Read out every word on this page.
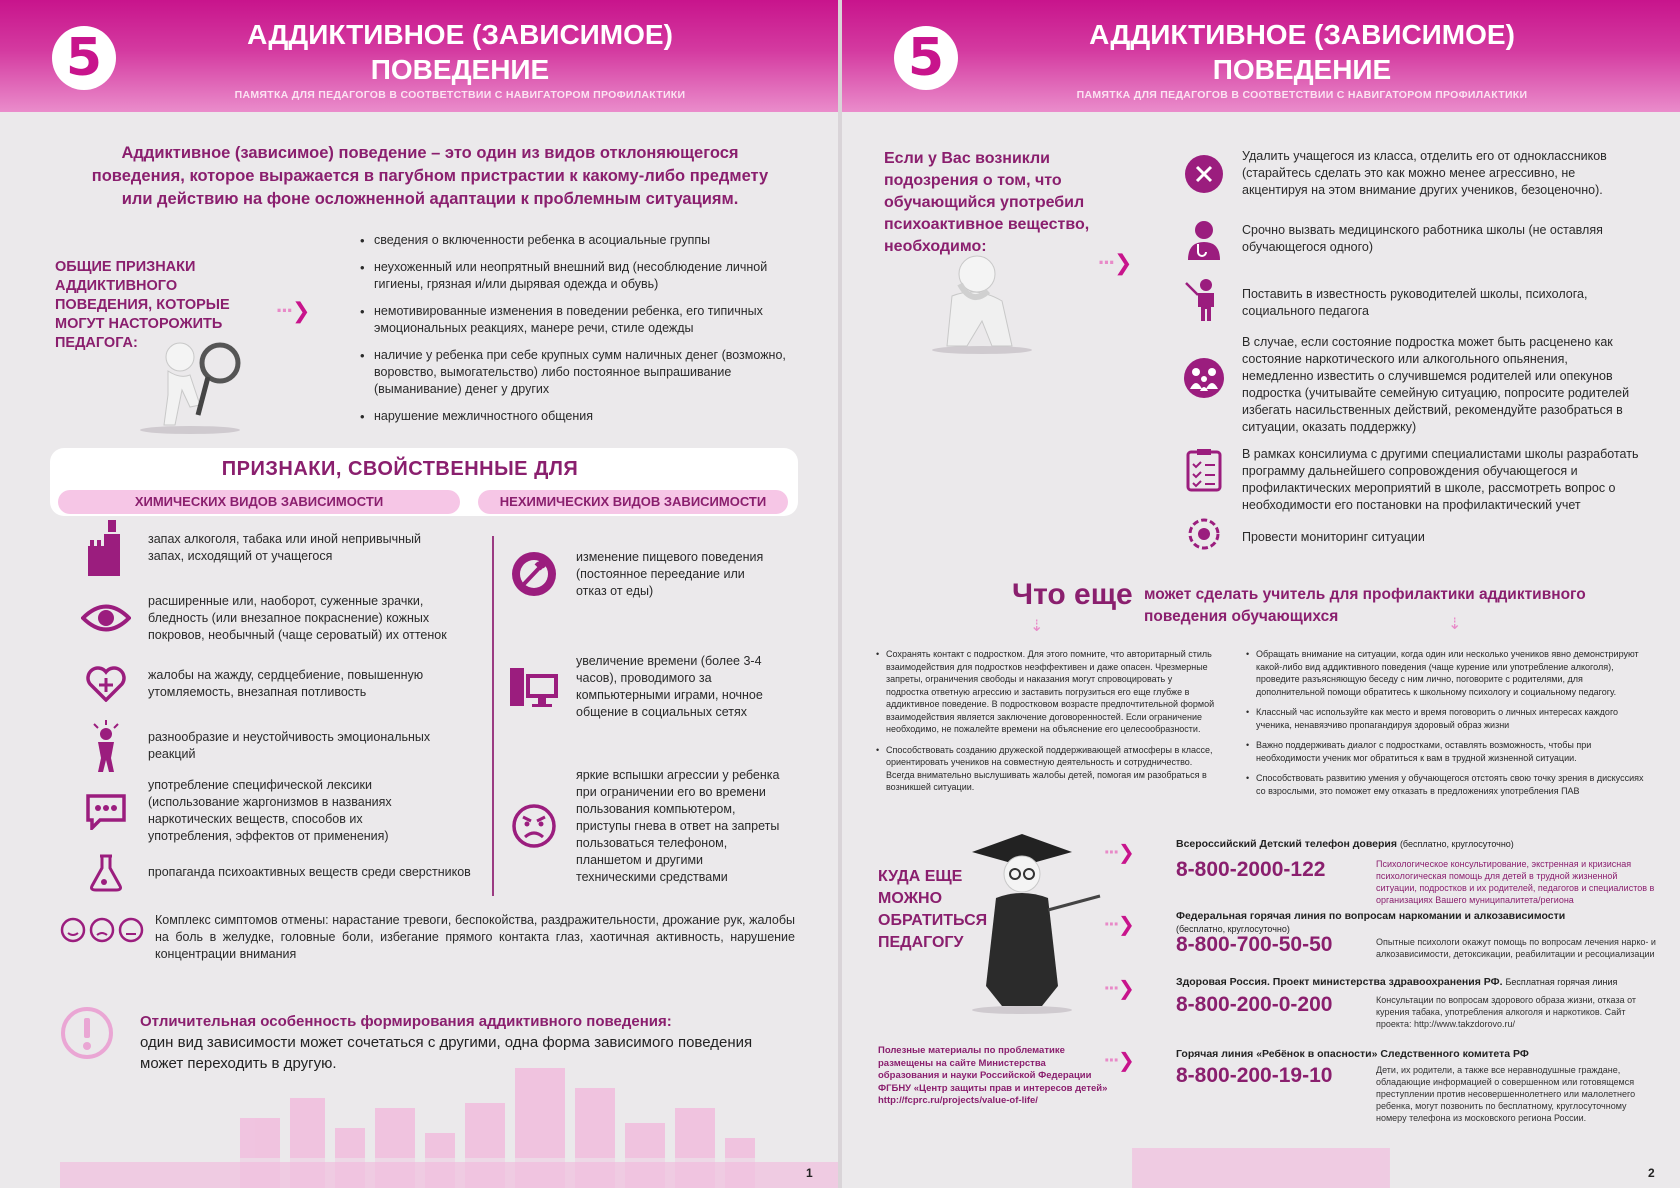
5	АДДИКТИВНОЕ (ЗАВИСИМОЕ)
ПОВЕДЕНИЕ
ПАМЯТКА ДЛЯ ПЕДАГОГОВ В СООТВЕТСТВИИ С НАВИГАТОРОМ ПРОФИЛАКТИКИ
Аддиктивное (зависимое) поведение – это один из видов отклоняющегося поведения, которое выражается в пагубном пристрастии к какому-либо предмету или действию на фоне осложненной адаптации к проблемным ситуациям.
ОБЩИЕ ПРИЗНАКИ АДДИКТИВНОГО ПОВЕДЕНИЯ, КОТОРЫЕ МОГУТ НАСТОРОЖИТЬ ПЕДАГОГА:
···❯
• сведения о включенности ребенка в асоциальные группы
• неухоженный или неопрятный внешний вид (несоблюдение личной гигиены, грязная и/или дырявая одежда и обувь)
• немотивированные изменения в поведении ребенка, его типичных эмоциональных реакциях, манере речи, стиле одежды
• наличие у ребенка при себе крупных сумм наличных денег (возможно, воровство, вымогательство) либо постоянное выпрашивание (выманивание) денег у других
• нарушение межличностного общения
ПРИЗНАКИ, СВОЙСТВЕННЫЕ ДЛЯ
ХИМИЧЕСКИХ ВИДОВ ЗАВИСИМОСТИ	НЕХИМИЧЕСКИХ ВИДОВ ЗАВИСИМОСТИ
запах алкоголя, табака или иной непривычный запах, исходящий от учащегося
расширенные или, наоборот, суженные зрачки, бледность (или внезапное покраснение) кожных покровов, необычный (чаще сероватый) их оттенок
жалобы на жажду, сердцебиение, повышенную утомляемость, внезапная потливость
разнообразие и неустойчивость эмоциональных реакций
употребление специфической лексики (использование жаргонизмов в названиях наркотических веществ, способов их употребления, эффектов от применения)
пропаганда психоактивных веществ среди сверстников
изменение пищевого поведения (постоянное переедание или отказ от еды)
увеличение времени (более 3-4 часов), проводимого за компьютерными играми, ночное общение в социальных сетях
яркие вспышки агрессии у ребенка при ограничении его во времени пользования компьютером, приступы гнева в ответ на запреты пользоваться телефоном, планшетом и другими техническими средствами
Комплекс симптомов отмены: нарастание тревоги, беспокойства, раздражительности, дрожание рук, жалобы на боль в желудке, головные боли, избегание прямого контакта глаз, хаотичная активность, нарушение концентрации внимания
Отличительная особенность формирования аддиктивного поведения:
один вид зависимости может сочетаться с другими, одна форма зависимого поведения может переходить в другую.
1
5	АДДИКТИВНОЕ (ЗАВИСИМОЕ)
ПОВЕДЕНИЕ
ПАМЯТКА ДЛЯ ПЕДАГОГОВ В СООТВЕТСТВИИ С НАВИГАТОРОМ ПРОФИЛАКТИКИ
Если у Вас возникли подозрения о том, что обучающийся употребил психоактивное вещество, необходимо:
···❯
Удалить учащегося из класса, отделить его от одноклассников (старайтесь сделать это как можно менее агрессивно, не акцентируя на этом внимание других учеников, безоценочно).
Срочно вызвать медицинского работника школы (не оставляя обучающегося одного)
Поставить в известность руководителей школы, психолога, социального педагога
В случае, если состояние подростка может быть расценено как состояние наркотического или алкогольного опьянения, немедленно известить о случившемся родителей или опекунов подростка (учитывайте семейную ситуацию, попросите родителей избегать насильственных действий, рекомендуйте разобраться в ситуации, оказать поддержку)
В рамках консилиума с другими специалистами школы разработать программу дальнейшего сопровождения обучающегося и профилактических мероприятий в школе, рассмотреть вопрос о необходимости его постановки на профилактический учет
Провести мониторинг ситуации
Что еще может сделать учитель для профилактики аддиктивного поведения обучающихся
⇣	⇣
• Сохранять контакт с подростком. Для этого помните, что авторитарный стиль взаимодействия для подростков неэффективен и даже опасен. Чрезмерные запреты, ограничения свободы и наказания могут спровоцировать у подростка ответную агрессию и заставить погрузиться его еще глубже в аддиктивное поведение. В подростковом возрасте предпочтительной формой взаимодействия является заключение договоренностей. Если ограничение необходимо, не пожалейте времени на объяснение его целесообразности.
• Способствовать созданию дружеской поддерживающей атмосферы в классе, ориентировать учеников на совместную деятельность и сотрудничество. Всегда внимательно выслушивать жалобы детей, помогая им разобраться в возникшей ситуации.
• Обращать внимание на ситуации, когда один или несколько учеников явно демонстрируют какой-либо вид аддиктивного поведения (чаще курение или употребление алкоголя), проведите разъясняющую беседу с ним лично, поговорите с родителями, для дополнительной помощи обратитесь к школьному психологу и социальному педагогу.
• Классный час используйте как место и время поговорить о личных интересах каждого ученика, ненавязчиво пропагандируя здоровый образ жизни
• Важно поддерживать диалог с подростками, оставлять возможность, чтобы при необходимости ученик мог обратиться к вам в трудной жизненной ситуации.
• Способствовать развитию умения у обучающегося отстоять свою точку зрения в дискуссиях со взрослыми, это поможет ему отказать в предложениях употребления ПАВ
КУДА ЕЩЕ МОЖНО ОБРАТИТЬСЯ ПЕДАГОГУ
Полезные материалы по проблематике размещены на сайте Министерства образования и науки Российской Федерации ФГБНУ «Центр защиты прав и интересов детей» http://fcprc.ru/projects/value-of-life/
···❯	Всероссийский Детский телефон доверия (бесплатно, круглосуточно)
8-800-2000-122	Психологическое консультирование, экстренная и кризисная психологическая помощь для детей в трудной жизненной ситуации, подростков и их родителей, педагогов и специалистов в организациях Вашего муниципалитета/региона
···❯	Федеральная горячая линия по вопросам наркомании и алкозависимости
(бесплатно, круглосуточно)
8-800-700-50-50	Опытные психологи окажут помощь по вопросам лечения нарко- и алкозависимости, детоксикации, реабилитации и ресоциализации
···❯	Здоровая Россия. Проект министерства здравоохранения РФ. Бесплатная горячая линия
8-800-200-0-200	Консультации по вопросам здорового образа жизни, отказа от курения табака, употребления алкоголя и наркотиков. Сайт проекта: http://www.takzdorovo.ru/
···❯	Горячая линия «Ребёнок в опасности» Следственного комитета РФ
8-800-200-19-10	Дети, их родители, а также все неравнодушные граждане, обладающие информацией о совершенном или готовящемся преступлении против несовершеннолетнего или малолетнего ребенка, могут позвонить по бесплатному, круглосуточному номеру телефона из московского региона России.
2
